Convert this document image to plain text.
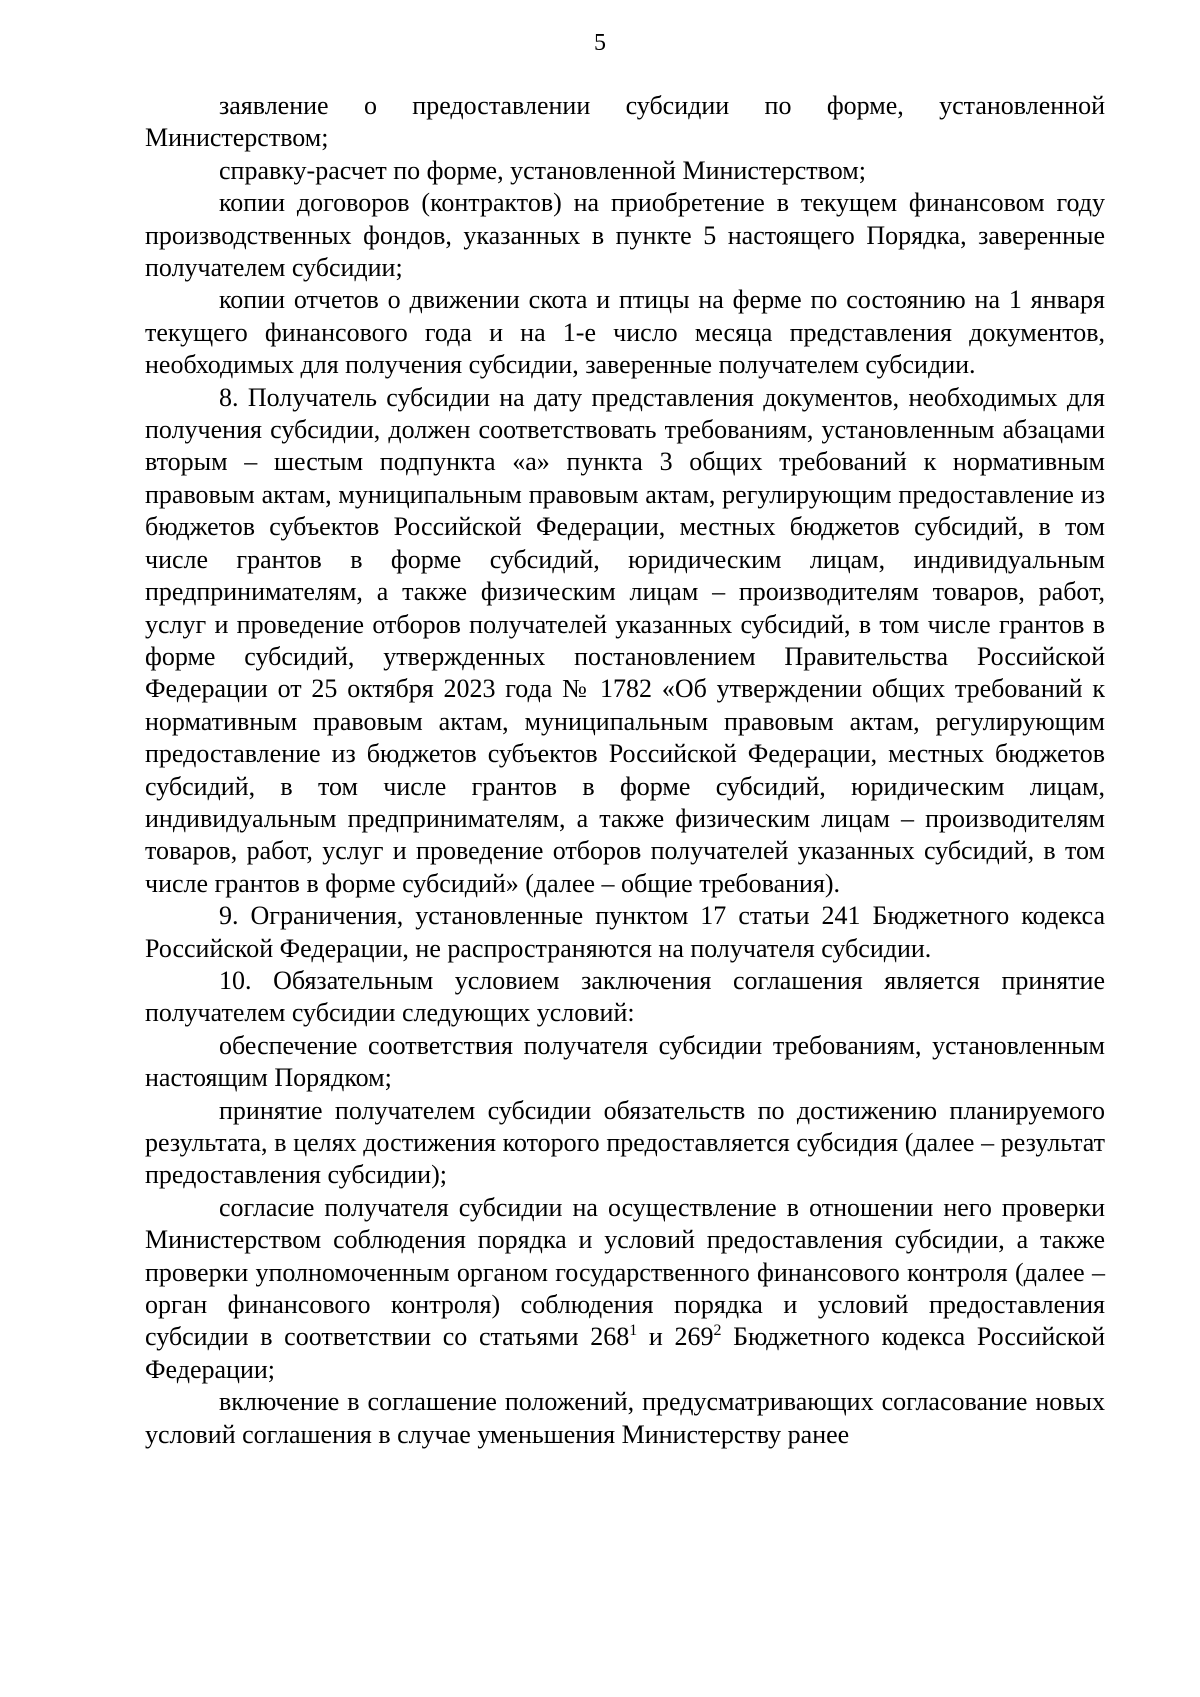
5

заявление о предоставлении субсидии по форме, установленной Министерством;

справку-расчет по форме, установленной Министерством;

копии договоров (контрактов) на приобретение в текущем финансовом году производственных фондов, указанных в пункте 5 настоящего Порядка, заверенные получателем субсидии;

копии отчетов о движении скота и птицы на ферме по состоянию на 1 января текущего финансового года и на 1-е число месяца представления документов, необходимых для получения субсидии, заверенные получателем субсидии.

8. Получатель субсидии на дату представления документов, необходимых для получения субсидии, должен соответствовать требованиям, установленным абзацами вторым – шестым подпункта «а» пункта 3 общих требований к нормативным правовым актам, муниципальным правовым актам, регулирующим предоставление из бюджетов субъектов Российской Федерации, местных бюджетов субсидий, в том числе грантов в форме субсидий, юридическим лицам, индивидуальным предпринимателям, а также физическим лицам – производителям товаров, работ, услуг и проведение отборов получателей указанных субсидий, в том числе грантов в форме субсидий, утвержденных постановлением Правительства Российской Федерации от 25 октября 2023 года № 1782 «Об утверждении общих требований к нормативным правовым актам, муниципальным правовым актам, регулирующим предоставление из бюджетов субъектов Российской Федерации, местных бюджетов субсидий, в том числе грантов в форме субсидий, юридическим лицам, индивидуальным предпринимателям, а также физическим лицам – производителям товаров, работ, услуг и проведение отборов получателей указанных субсидий, в том числе грантов в форме субсидий» (далее – общие требования).

9. Ограничения, установленные пунктом 17 статьи 241 Бюджетного кодекса Российской Федерации, не распространяются на получателя субсидии.

10. Обязательным условием заключения соглашения является принятие получателем субсидии следующих условий:

обеспечение соответствия получателя субсидии требованиям, установленным настоящим Порядком;

принятие получателем субсидии обязательств по достижению планируемого результата, в целях достижения которого предоставляется субсидия (далее – результат предоставления субсидии);

согласие получателя субсидии на осуществление в отношении него проверки Министерством соблюдения порядка и условий предоставления субсидии, а также проверки уполномоченным органом государственного финансового контроля (далее – орган финансового контроля) соблюдения порядка и условий предоставления субсидии в соответствии со статьями $268^1$ и $269^2$ Бюджетного кодекса Российской Федерации;

включение в соглашение положений, предусматривающих согласование новых условий соглашения в случае уменьшения Министерству ранее
